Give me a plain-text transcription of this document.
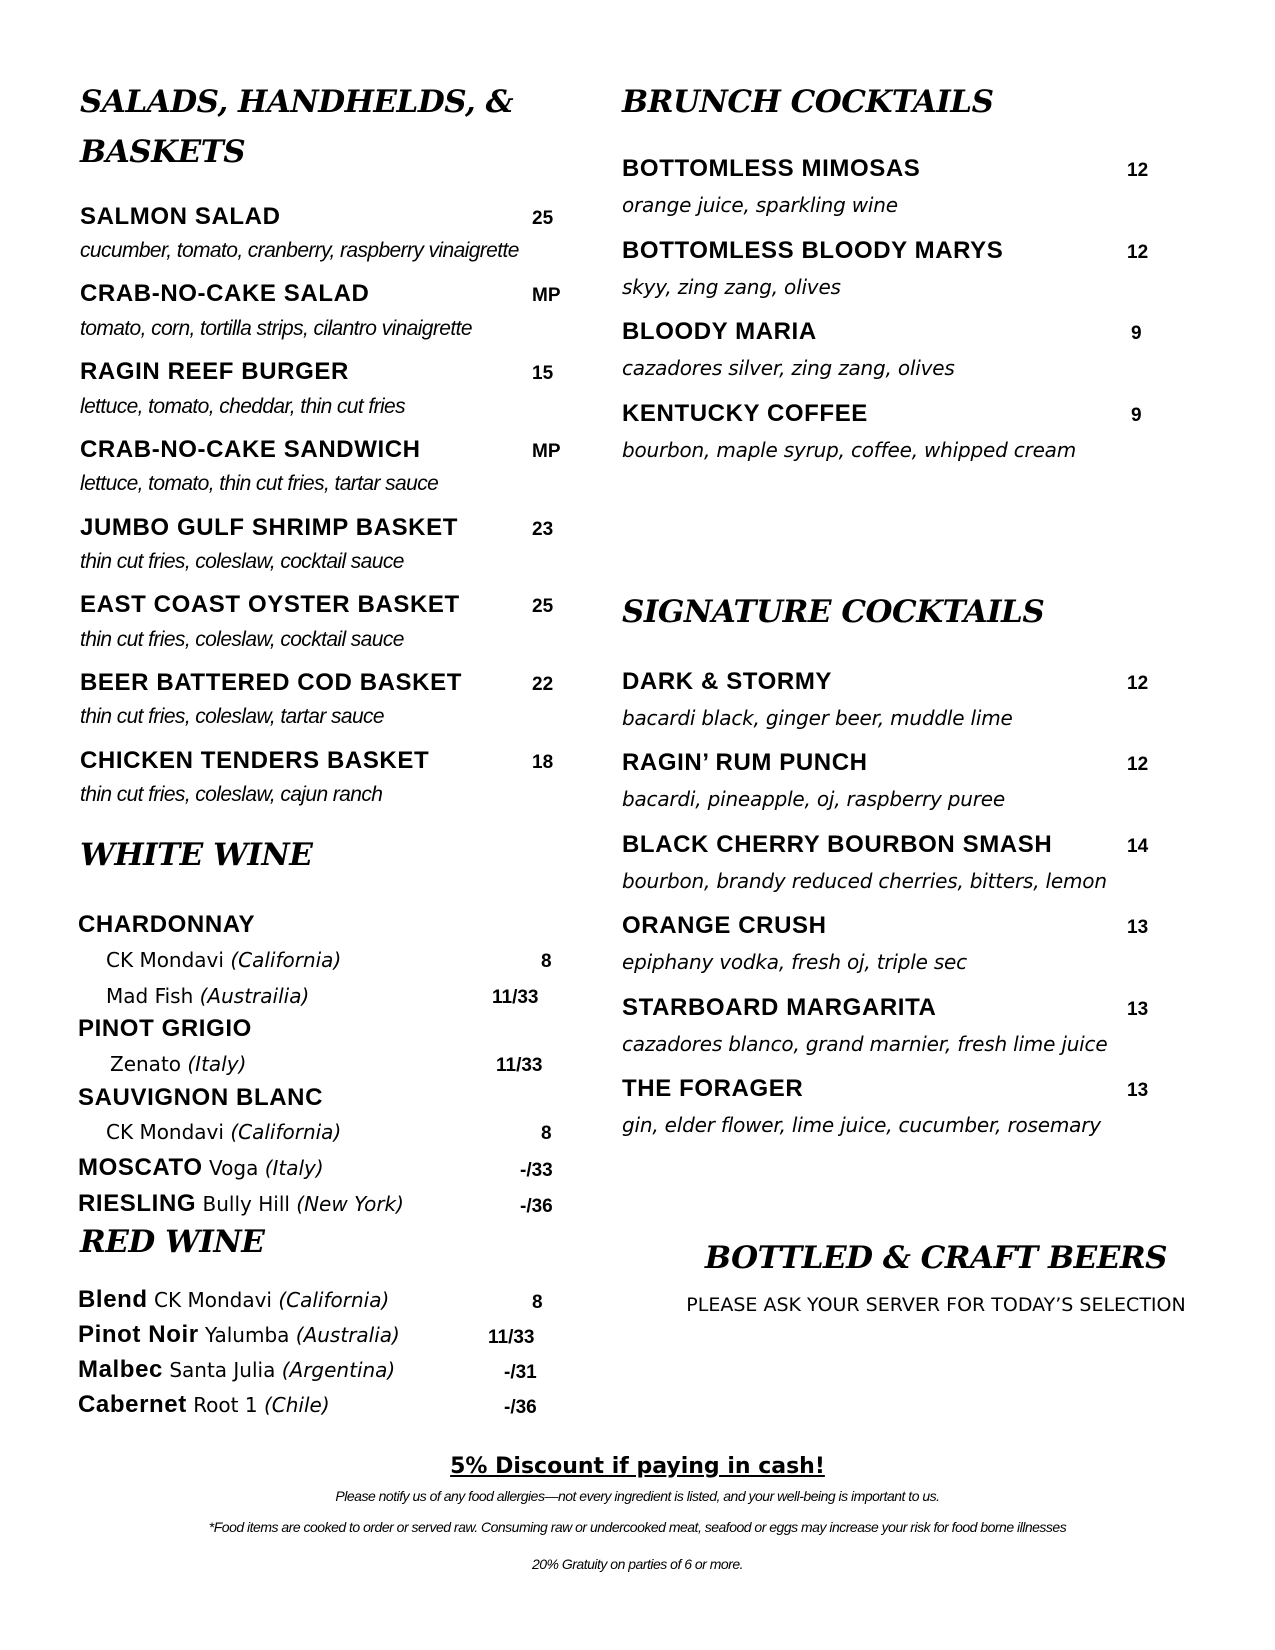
SALADS, HANDHELDS, & BASKETS
SALMON SALAD	25
cucumber, tomato, cranberry, raspberry vinaigrette
CRAB-NO-CAKE SALAD	MP
tomato, corn, tortilla strips, cilantro vinaigrette
RAGIN REEF BURGER	15
lettuce, tomato, cheddar, thin cut fries
CRAB-NO-CAKE SANDWICH	MP
lettuce, tomato, thin cut fries, tartar sauce
JUMBO GULF SHRIMP BASKET	23
thin cut fries, coleslaw, cocktail sauce
EAST COAST OYSTER BASKET	25
thin cut fries, coleslaw, cocktail sauce
BEER BATTERED COD BASKET	22
thin cut fries, coleslaw, tartar sauce
CHICKEN TENDERS BASKET	18
thin cut fries, coleslaw, cajun ranch
WHITE WINE
CHARDONNAY
CK Mondavi (California)	8
Mad Fish (Austrailia)	11/33
PINOT GRIGIO
Zenato (Italy)	11/33
SAUVIGNON BLANC
CK Mondavi (California)	8
MOSCATO Voga (Italy)	-/33
RIESLING Bully Hill (New York)	-/36
RED WINE
Blend CK Mondavi (California)	8
Pinot Noir Yalumba (Australia)	11/33
Malbec Santa Julia (Argentina)	-/31
Cabernet Root 1 (Chile)	-/36
BRUNCH COCKTAILS
BOTTOMLESS MIMOSAS	12
orange juice, sparkling wine
BOTTOMLESS BLOODY MARYS	12
skyy, zing zang, olives
BLOODY MARIA	9
cazadores silver, zing zang, olives
KENTUCKY COFFEE	9
bourbon, maple syrup, coffee, whipped cream
SIGNATURE COCKTAILS
DARK & STORMY	12
bacardi black, ginger beer, muddle lime
RAGIN’ RUM PUNCH	12
bacardi, pineapple, oj, raspberry puree
BLACK CHERRY BOURBON SMASH	14
bourbon, brandy reduced cherries, bitters, lemon
ORANGE CRUSH	13
epiphany vodka, fresh oj, triple sec
STARBOARD MARGARITA	13
cazadores blanco, grand marnier, fresh lime juice
THE FORAGER	13
gin, elder flower, lime juice, cucumber, rosemary
BOTTLED & CRAFT BEERS
PLEASE ASK YOUR SERVER FOR TODAY’S SELECTION
5% Discount if paying in cash!
Please notify us of any food allergies—not every ingredient is listed, and your well-being is important to us.
*Food items are cooked to order or served raw. Consuming raw or undercooked meat, seafood or eggs may increase your risk for food borne illnesses
20% Gratuity on parties of 6 or more.
